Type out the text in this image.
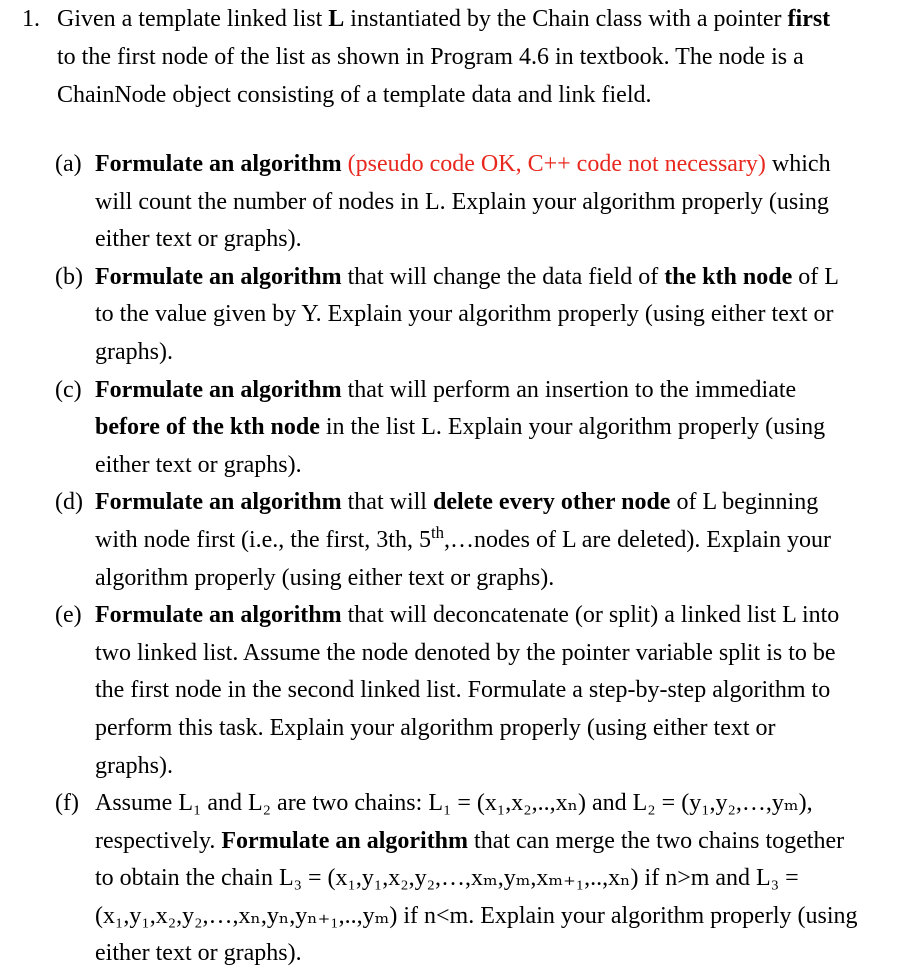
1. Given a template linked list L instantiated by the Chain class with a pointer first
to the first node of the list as shown in Program 4.6 in textbook. The node is a
ChainNode object consisting of a template data and link field.
(a) Formulate an algorithm (pseudo code OK, C++ code not necessary) which
will count the number of nodes in L. Explain your algorithm properly (using
either text or graphs).
(b) Formulate an algorithm that will change the data field of the kth node of L
to the value given by Y. Explain your algorithm properly (using either text or
graphs).
(c) Formulate an algorithm that will perform an insertion to the immediate
before of the kth node in the list L. Explain your algorithm properly (using
either text or graphs).
(d) Formulate an algorithm that will delete every other node of L beginning
with node first (i.e., the first, 3th, 5th,…nodes of L are deleted). Explain your
algorithm properly (using either text or graphs).
(e) Formulate an algorithm that will deconcatenate (or split) a linked list L into
two linked list. Assume the node denoted by the pointer variable split is to be
the first node in the second linked list. Formulate a step-by-step algorithm to
perform this task. Explain your algorithm properly (using either text or
graphs).
(f) Assume L₁ and L₂ are two chains: L₁ = (x₁,x₂,..,xₙ) and L₂ = (y₁,y₂,…,yₘ),
respectively. Formulate an algorithm that can merge the two chains together
to obtain the chain L₃ = (x₁,y₁,x₂,y₂,…,xₘ,yₘ,xₘ₊₁,..,xₙ) if n>m and L₃ =
(x₁,y₁,x₂,y₂,…,xₙ,yₙ,yₙ₊₁,..,yₘ) if n<m. Explain your algorithm properly (using
either text or graphs).
